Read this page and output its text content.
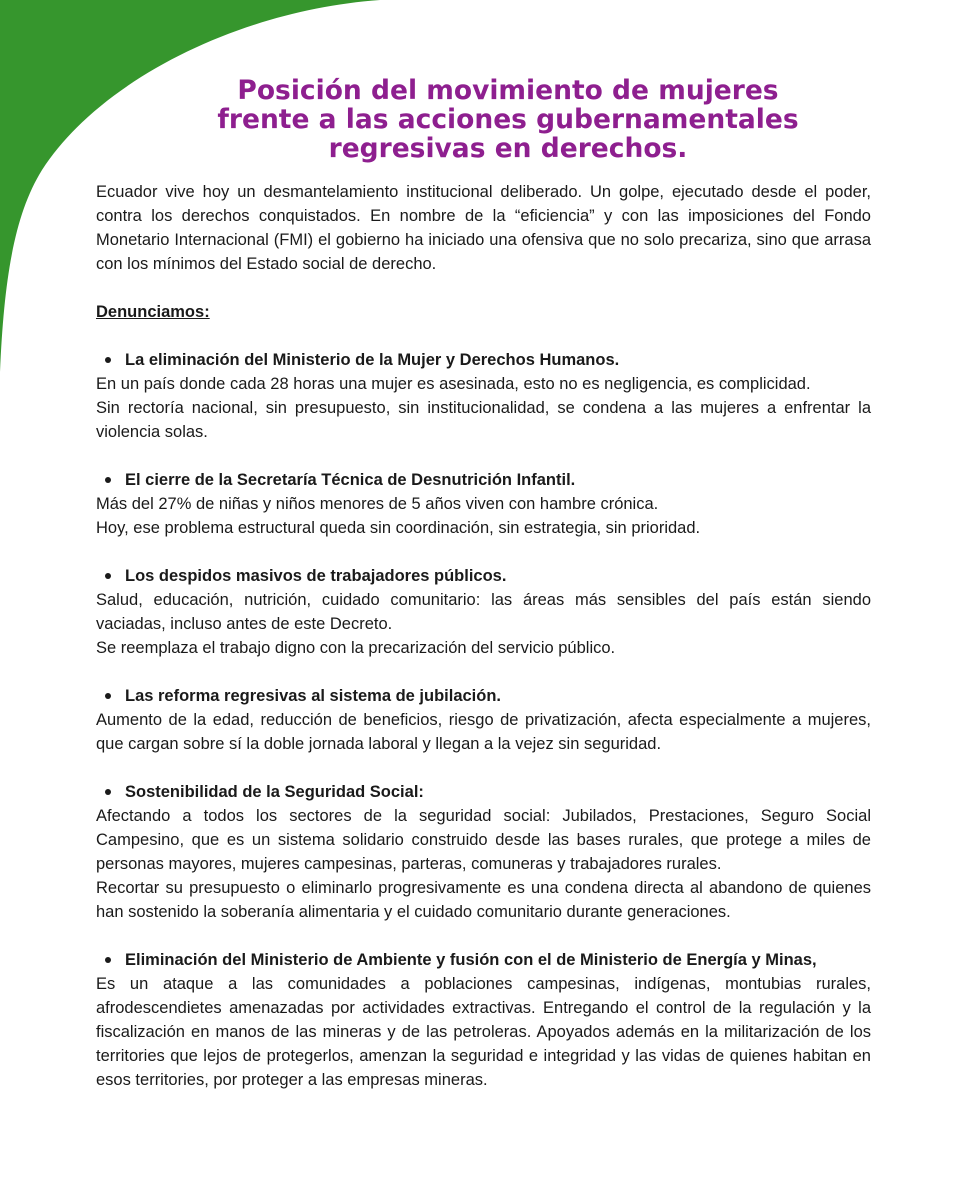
Posición del movimiento de mujeres
frente a las acciones gubernamentales
regresivas en derechos.

Ecuador vive hoy un desmantelamiento institucional deliberado. Un golpe, ejecutado desde el poder, contra los derechos conquistados. En nombre de la “eficiencia” y con las imposiciones del Fondo Monetario Internacional (FMI) el gobierno ha iniciado una ofensiva que no solo precariza, sino que arrasa con los mínimos del Estado social de derecho.

Denunciamos:

La eliminación del Ministerio de la Mujer y Derechos Humanos.

En un país donde cada 28 horas una mujer es asesinada, esto no es negligencia, es complicidad.

Sin rectoría nacional, sin presupuesto, sin institucionalidad, se condena a las mujeres a enfrentar la violencia solas.

El cierre de la Secretaría Técnica de Desnutrición Infantil.

Más del 27% de niñas y niños menores de 5 años viven con hambre crónica.

Hoy, ese problema estructural queda sin coordinación, sin estrategia, sin prioridad.

Los despidos masivos de trabajadores públicos.

Salud, educación, nutrición, cuidado comunitario: las áreas más sensibles del país están siendo vaciadas, incluso antes de este Decreto.

Se reemplaza el trabajo digno con la precarización del servicio público.

Las reforma regresivas al sistema de jubilación.

Aumento de la edad, reducción de beneficios, riesgo de privatización, afecta especialmente a mujeres, que cargan sobre sí la doble jornada laboral y llegan a la vejez sin seguridad.

Sostenibilidad de la Seguridad Social:

Afectando a todos los sectores de la seguridad social: Jubilados, Prestaciones, Seguro Social Campesino, que es un sistema solidario construido desde las bases rurales, que protege a miles de personas mayores, mujeres campesinas, parteras, comuneras y trabajadores rurales.

Recortar su presupuesto o eliminarlo progresivamente es una condena directa al abandono de quienes han sostenido la soberanía alimentaria y el cuidado comunitario durante generaciones.

Eliminación del Ministerio de Ambiente y fusión con el de Ministerio de Energía y Minas,

Es un ataque a las comunidades a poblaciones campesinas, indígenas, montubias rurales, afrodescendietes amenazadas por actividades extractivas. Entregando el control de la regulación y la fiscalización en manos de las mineras y de las petroleras. Apoyados además en la militarización de los territories que lejos de protegerlos, amenzan la seguridad e integridad y las vidas de quienes habitan en esos territories, por proteger a las empresas mineras.
